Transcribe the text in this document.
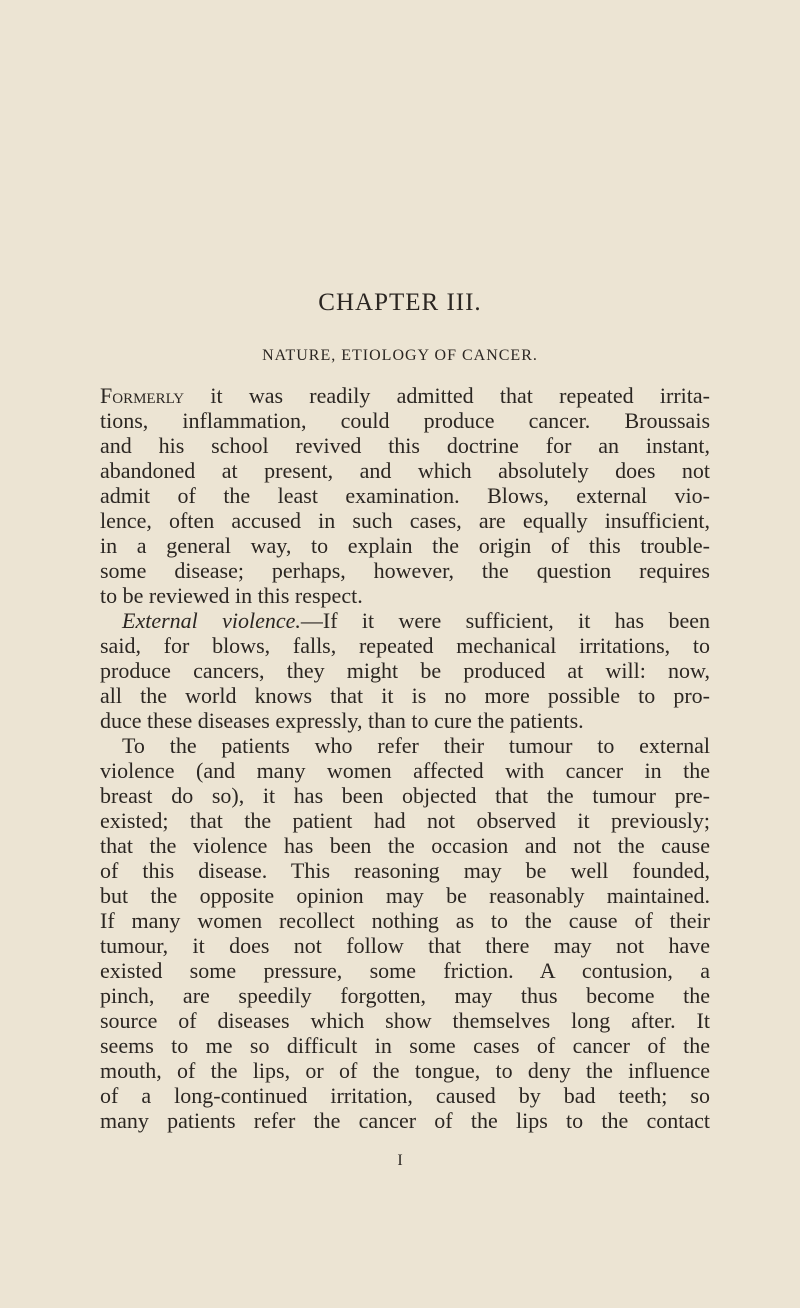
CHAPTER III.
NATURE, ETIOLOGY OF CANCER.
Formerly it was readily admitted that repeated irrita-
tions, inflammation, could produce cancer. Broussais
and his school revived this doctrine for an instant,
abandoned at present, and which absolutely does not
admit of the least examination. Blows, external vio-
lence, often accused in such cases, are equally insufficient,
in a general way, to explain the origin of this trouble-
some disease; perhaps, however, the question requires
to be reviewed in this respect.
External violence.—If it were sufficient, it has been
said, for blows, falls, repeated mechanical irritations, to
produce cancers, they might be produced at will: now,
all the world knows that it is no more possible to pro-
duce these diseases expressly, than to cure the patients.
To the patients who refer their tumour to external
violence (and many women affected with cancer in the
breast do so), it has been objected that the tumour pre-
existed; that the patient had not observed it previously;
that the violence has been the occasion and not the cause
of this disease. This reasoning may be well founded,
but the opposite opinion may be reasonably maintained.
If many women recollect nothing as to the cause of their
tumour, it does not follow that there may not have
existed some pressure, some friction. A contusion, a
pinch, are speedily forgotten, may thus become the
source of diseases which show themselves long after. It
seems to me so difficult in some cases of cancer of the
mouth, of the lips, or of the tongue, to deny the influence
of a long-continued irritation, caused by bad teeth; so
many patients refer the cancer of the lips to the contact
I
